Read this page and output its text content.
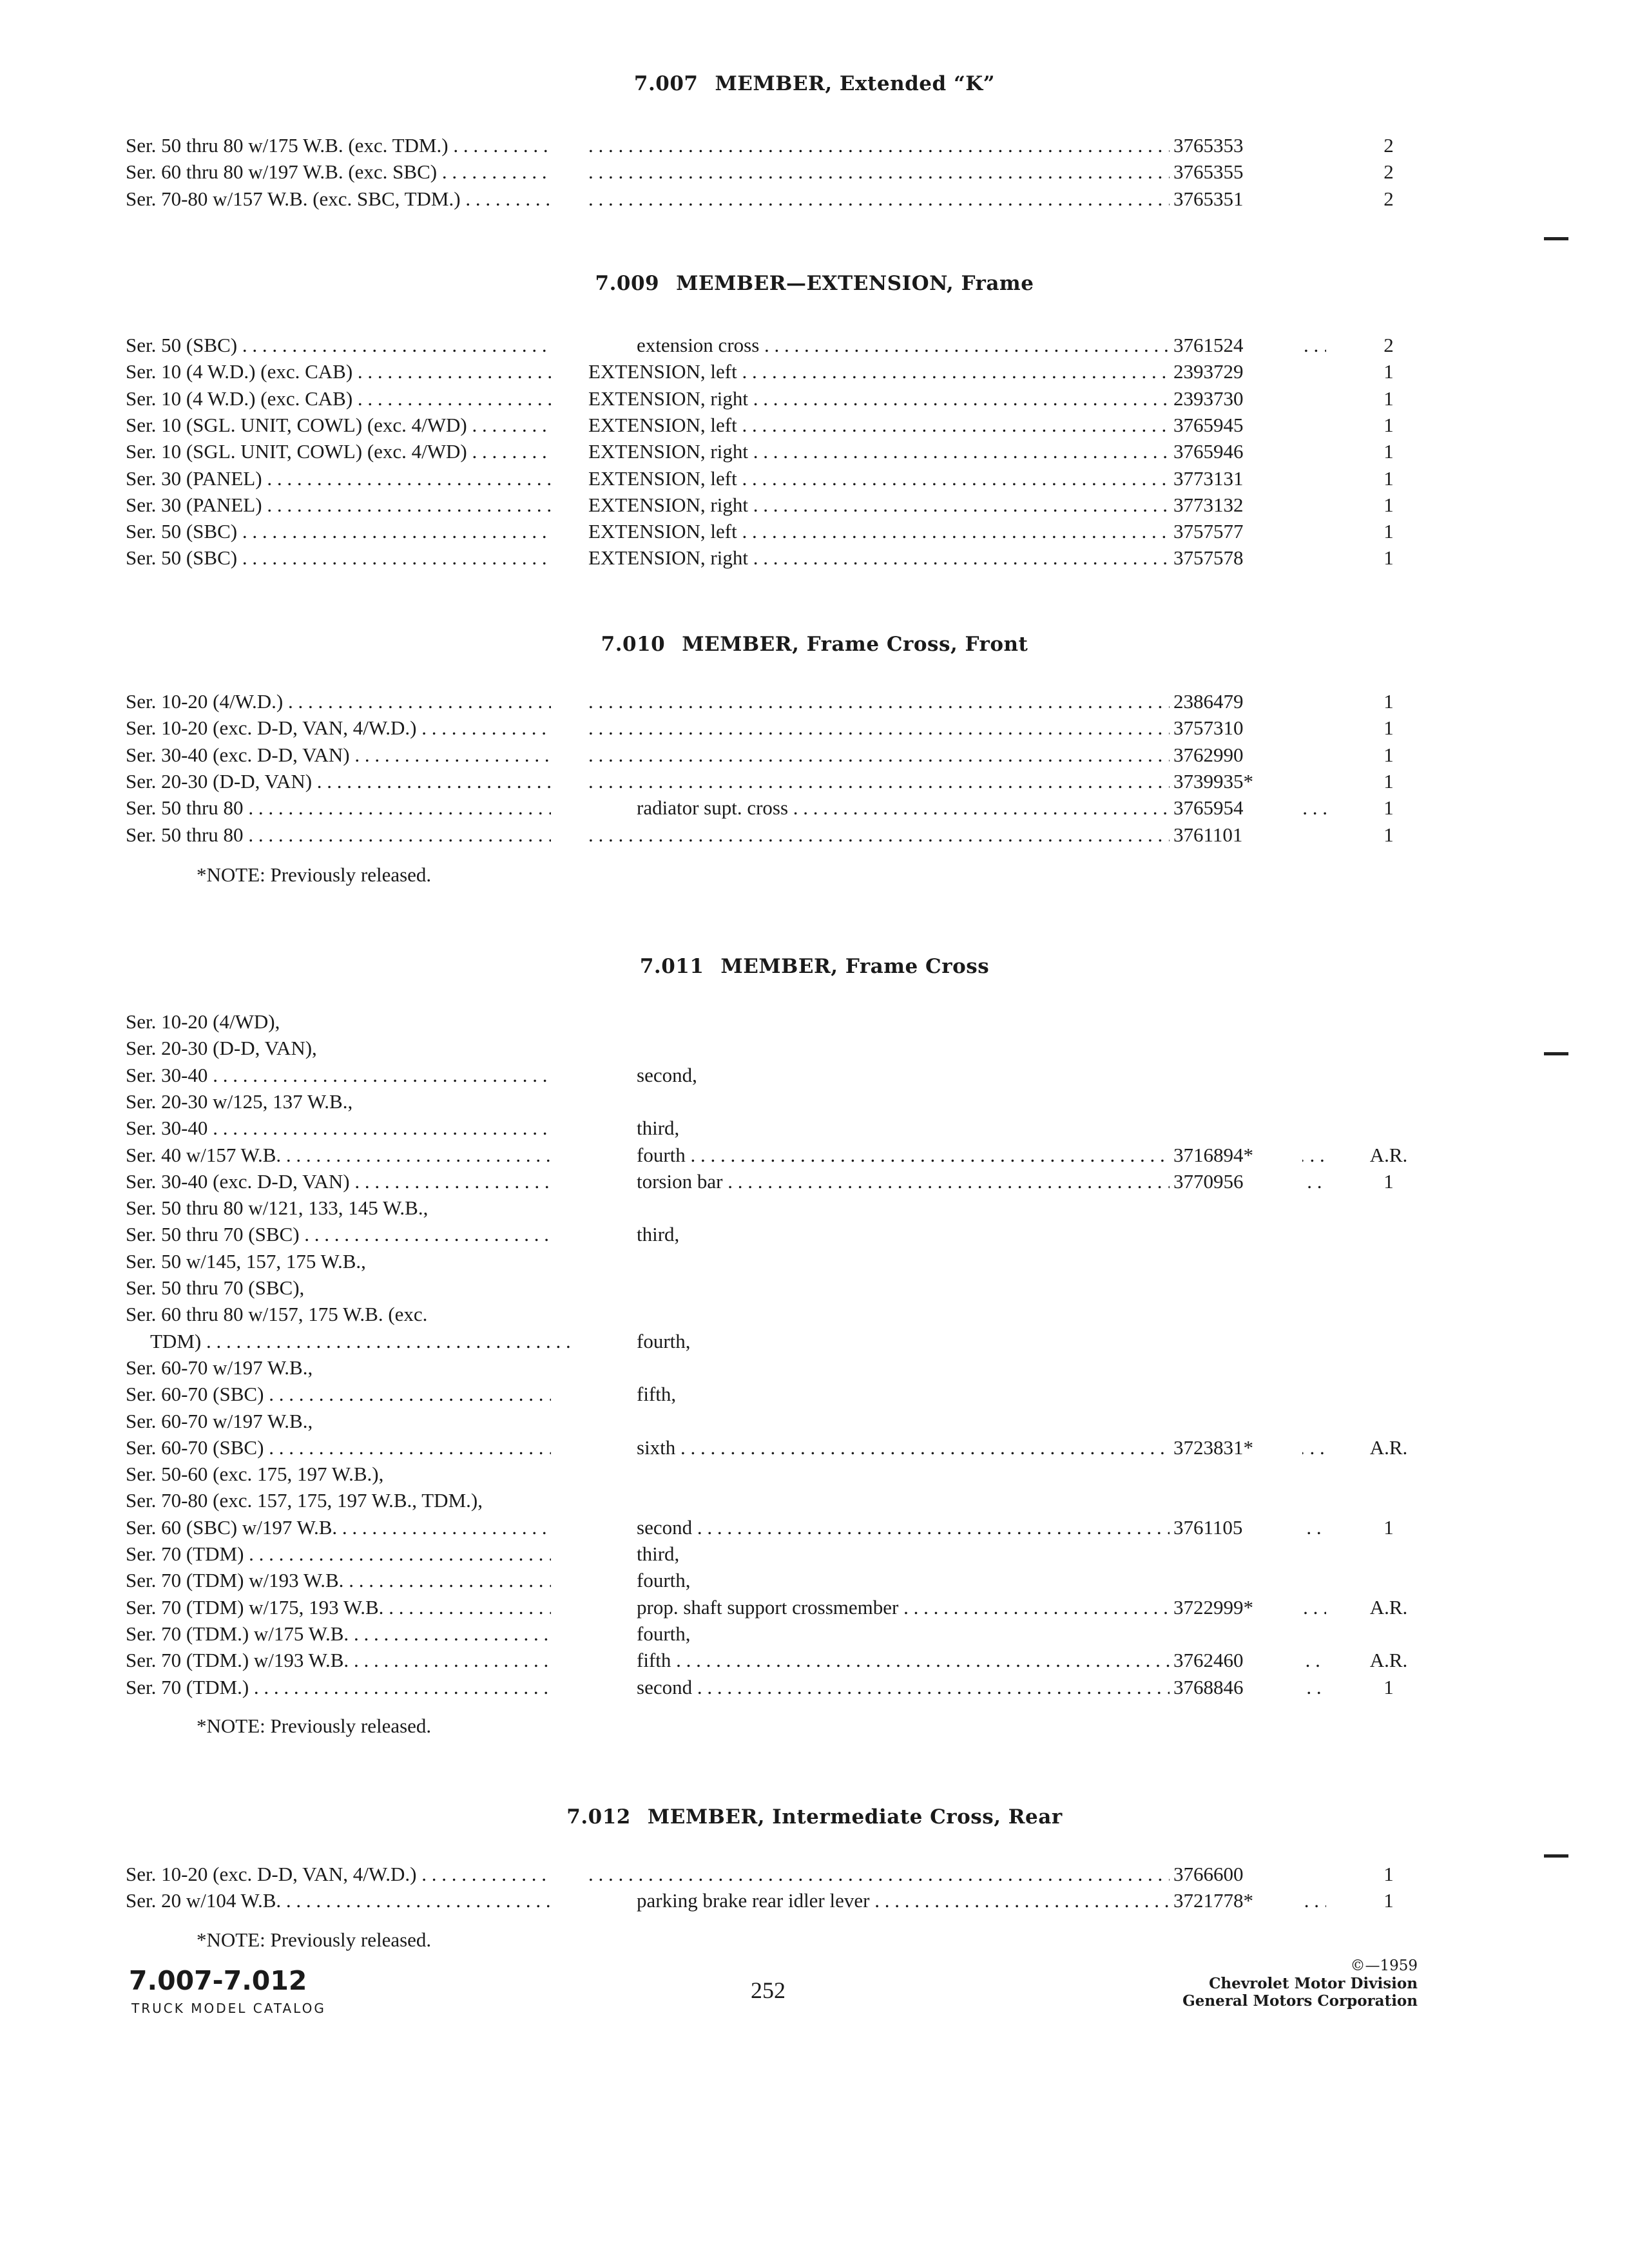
7.007 MEMBER, Extended “K”
7.009 MEMBER—EXTENSION, Frame
7.010 MEMBER, Frame Cross, Front
7.011 MEMBER, Frame Cross
7.012 MEMBER, Intermediate Cross, Rear
Ser. 50 thru 80 w/175 W.B. (exc. TDM.) . . . . . .	3765353	2
Ser. 60 thru 80 w/197 W.B. (exc. SBC) . . . . . .	3765355	2
Ser. 70-80 w/157 W.B. (exc. SBC, TDM.) . . . . . .	3765351	2
Ser. 50 (SBC) . . .	extension cross . . .	3761524	2
Ser. 10 (4 W.D.) (exc. CAB) . . .	EXTENSION, left . . .	2393729	1
Ser. 10 (4 W.D.) (exc. CAB) . . .	EXTENSION, right . . .	2393730	1
Ser. 10 (SGL. UNIT, COWL) (exc. 4/WD) . . .	EXTENSION, left . . .	3765945	1
Ser. 10 (SGL. UNIT, COWL) (exc. 4/WD) . . .	EXTENSION, right . . .	3765946	1
Ser. 30 (PANEL) . . .	EXTENSION, left . . .	3773131	1
Ser. 30 (PANEL) . . .	EXTENSION, right . . .	3773132	1
Ser. 50 (SBC) . . .	EXTENSION, left . . .	3757577	1
Ser. 50 (SBC) . . .	EXTENSION, right . . .	3757578	1
Ser. 10-20 (4/W.D.) . . . . . .	2386479	1
Ser. 10-20 (exc. D-D, VAN, 4/W.D.) . . . . . .	3757310	1
Ser. 30-40 (exc. D-D, VAN) . . . . . .	3762990	1
Ser. 20-30 (D-D, VAN) . . . . . .	3739935*	1
Ser. 50 thru 80 . . .	radiator supt. cross . . .	3765954	1
Ser. 50 thru 80 . . . . . .	3761101	1
Ser. 10-20 (4/WD),
Ser. 20-30 (D-D, VAN),
Ser. 30-40 . . .	second,
Ser. 20-30 w/125, 137 W.B.,
Ser. 30-40 . . .	third,
Ser. 40 w/157 W.B. . . .	fourth . . .	3716894*	A.R.
Ser. 30-40 (exc. D-D, VAN) . . .	torsion bar . . .	3770956	1
Ser. 50 thru 80 w/121, 133, 145 W.B.,
Ser. 50 thru 70 (SBC) . . .	third,
Ser. 50 w/145, 157, 175 W.B.,
Ser. 50 thru 70 (SBC),
Ser. 60 thru 80 w/157, 175 W.B. (exc.
TDM) . . .	fourth,
Ser. 60-70 w/197 W.B.,
Ser. 60-70 (SBC) . . .	fifth,
Ser. 60-70 w/197 W.B.,
Ser. 60-70 (SBC) . . .	sixth . . .	3723831*	A.R.
Ser. 50-60 (exc. 175, 197 W.B.),
Ser. 70-80 (exc. 157, 175, 197 W.B., TDM.),
Ser. 60 (SBC) w/197 W.B. . . .	second . . .	3761105	1
Ser. 70 (TDM) . . .	third,
Ser. 70 (TDM) w/193 W.B. . . .	fourth,
Ser. 70 (TDM) w/175, 193 W.B. . . .	prop. shaft support crossmember . . .	3722999*	A.R.
Ser. 70 (TDM.) w/175 W.B. . . .	fourth,
Ser. 70 (TDM.) w/193 W.B. . . .	fifth . . .	3762460	A.R.
Ser. 70 (TDM.) . . .	second . . .	3768846	1
Ser. 10-20 (exc. D-D, VAN, 4/W.D.) . . . . . .	3766600	1
Ser. 20 w/104 W.B. . . .	parking brake rear idler lever . . .	3721778*	1
*NOTE: Previously released.
*NOTE: Previously released.
*NOTE: Previously released.
7.007-7.012
TRUCK MODEL CATALOG
252
©—1959
Chevrolet Motor Division
General Motors Corporation
